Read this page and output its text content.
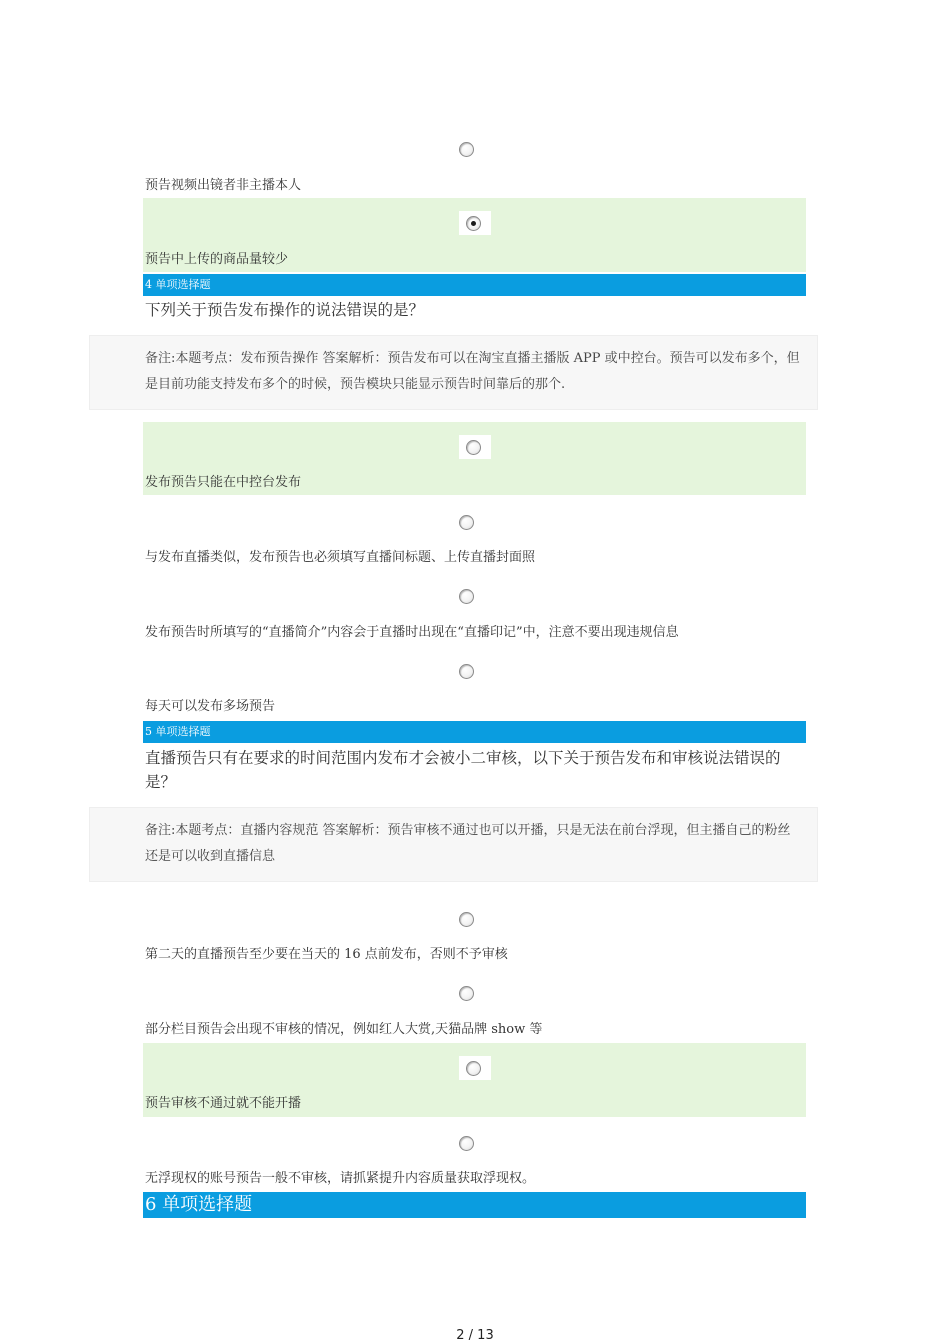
预告视频出镜者非主播本人
预告中上传的商品量较少
4 单项选择题
下列关于预告发布操作的说法错误的是？
备注:本题考点：发布预告操作 答案解析：预告发布可以在淘宝直播主播版 APP 或中控台。预告可以发布多个，但是目前功能支持发布多个的时候，预告模块只能显示预告时间靠后的那个.
发布预告只能在中控台发布
与发布直播类似，发布预告也必须填写直播间标题、上传直播封面照
发布预告时所填写的“直播简介”内容会于直播时出现在“直播印记”中，注意不要出现违规信息
每天可以发布多场预告
5 单项选择题
直播预告只有在要求的时间范围内发布才会被小二审核，以下关于预告发布和审核说法错误的是？
备注:本题考点：直播内容规范 答案解析：预告审核不通过也可以开播，只是无法在前台浮现，但主播自己的粉丝还是可以收到直播信息
第二天的直播预告至少要在当天的 16 点前发布，否则不予审核
部分栏目预告会出现不审核的情况，例如红人大赏,天猫品牌 show 等
预告审核不通过就不能开播
无浮现权的账号预告一般不审核，请抓紧提升内容质量获取浮现权。
6 单项选择题
2 / 13
